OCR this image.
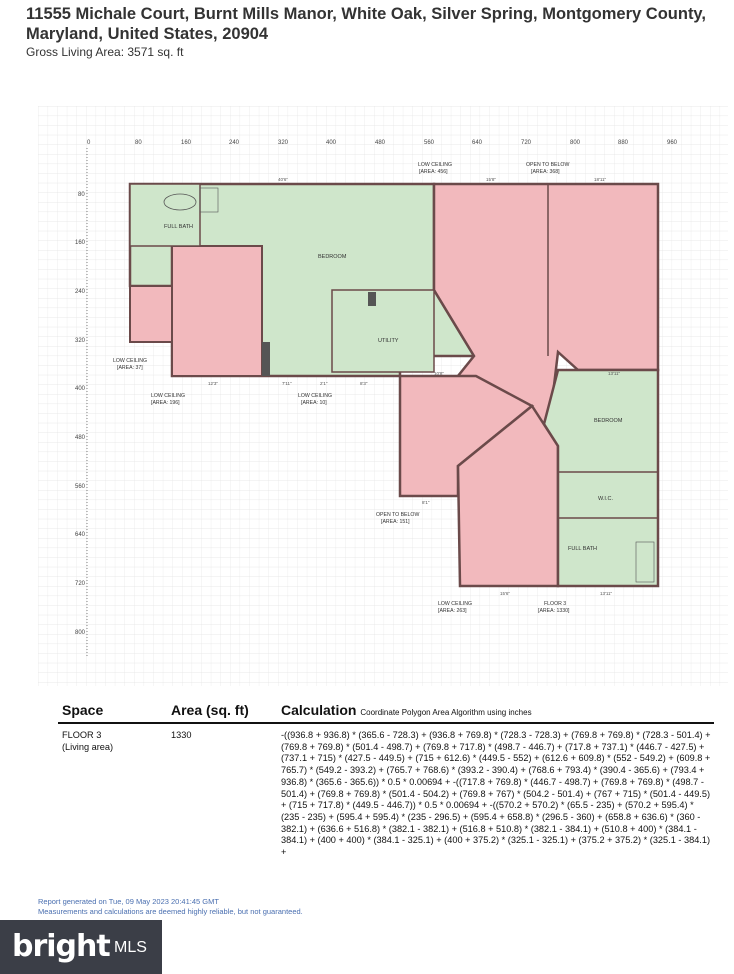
11555 Michale Court, Burnt Mills Manor, White Oak, Silver Spring, Montgomery County, Maryland, United States, 20904

Gross Living Area: 3571 sq. ft
0	80	160	240	320	400	480	560	640	720	800	880	960
80
160
240
320
400
480
560
640
720
800
FULL BATH
BEDROOM
UTILITY
BEDROOM
W.I.C.
FULL BATH
LOW CEILING
[AREA: 456]
OPEN TO BELOW
[AREA: 368]
LOW CEILING
[AREA: 37]
LOW CEILING
[AREA: 196]
LOW CEILING
[AREA: 10]
OPEN TO BELOW
[AREA: 151]
LOW CEILING
[AREA: 263]
FLOOR 3
[AREA: 1330]
40'6"	15'8"	18'11"
12'3"	7'11"	2'1"	8'3"
10'8"	13'11"
15'6"	13'11"
8'1"
Space	Area (sq. ft) Calculation Coordinate Polygon Area Algorithm using inches
FLOOR 3
(Living area)
1330	-((936.8 + 936.8) * (365.6 - 728.3) + (936.8 + 769.8) * (728.3 - 728.3) + (769.8 + 769.8) * (728.3 - 501.4) + (769.8 + 769.8) * (501.4 - 498.7) + (769.8 + 717.8) * (498.7 - 446.7) + (717.8 + 737.1) * (446.7 - 427.5) + (737.1 + 715) * (427.5 - 449.5) + (715 + 612.6) * (449.5 - 552) + (612.6 + 609.8) * (552 - 549.2) + (609.8 + 765.7) * (549.2 - 393.2) + (765.7 + 768.6) * (393.2 - 390.4) + (768.6 + 793.4) * (390.4 - 365.6) + (793.4 + 936.8) * (365.6 - 365.6)) * 0.5 * 0.00694 + -((717.8 + 769.8) * (446.7 - 498.7) + (769.8 + 769.8) * (498.7 - 501.4) + (769.8 + 769.8) * (501.4 - 504.2) + (769.8 + 767) * (504.2 - 501.4) + (767 + 715) * (501.4 - 449.5) + (715 + 717.8) * (449.5 - 446.7)) * 0.5 * 0.00694 + -((570.2 + 570.2) * (65.5 - 235) + (570.2 + 595.4) * (235 - 235) + (595.4 + 595.4) * (235 - 296.5) + (595.4 + 658.8) * (296.5 - 360) + (658.8 + 636.6) * (360 - 382.1) + (636.6 + 516.8) * (382.1 - 382.1) + (516.8 + 510.8) * (382.1 - 384.1) + (510.8 + 400) * (384.1 - 384.1) + (400 + 400) * (384.1 - 325.1) + (400 + 375.2) * (325.1 - 325.1) + (375.2 + 375.2) * (325.1 - 384.1) +
Report generated on Tue, 09 May 2023 20:41:45 GMT
Measurements and calculations are deemed highly reliable, but not guaranteed.
bright MLS
